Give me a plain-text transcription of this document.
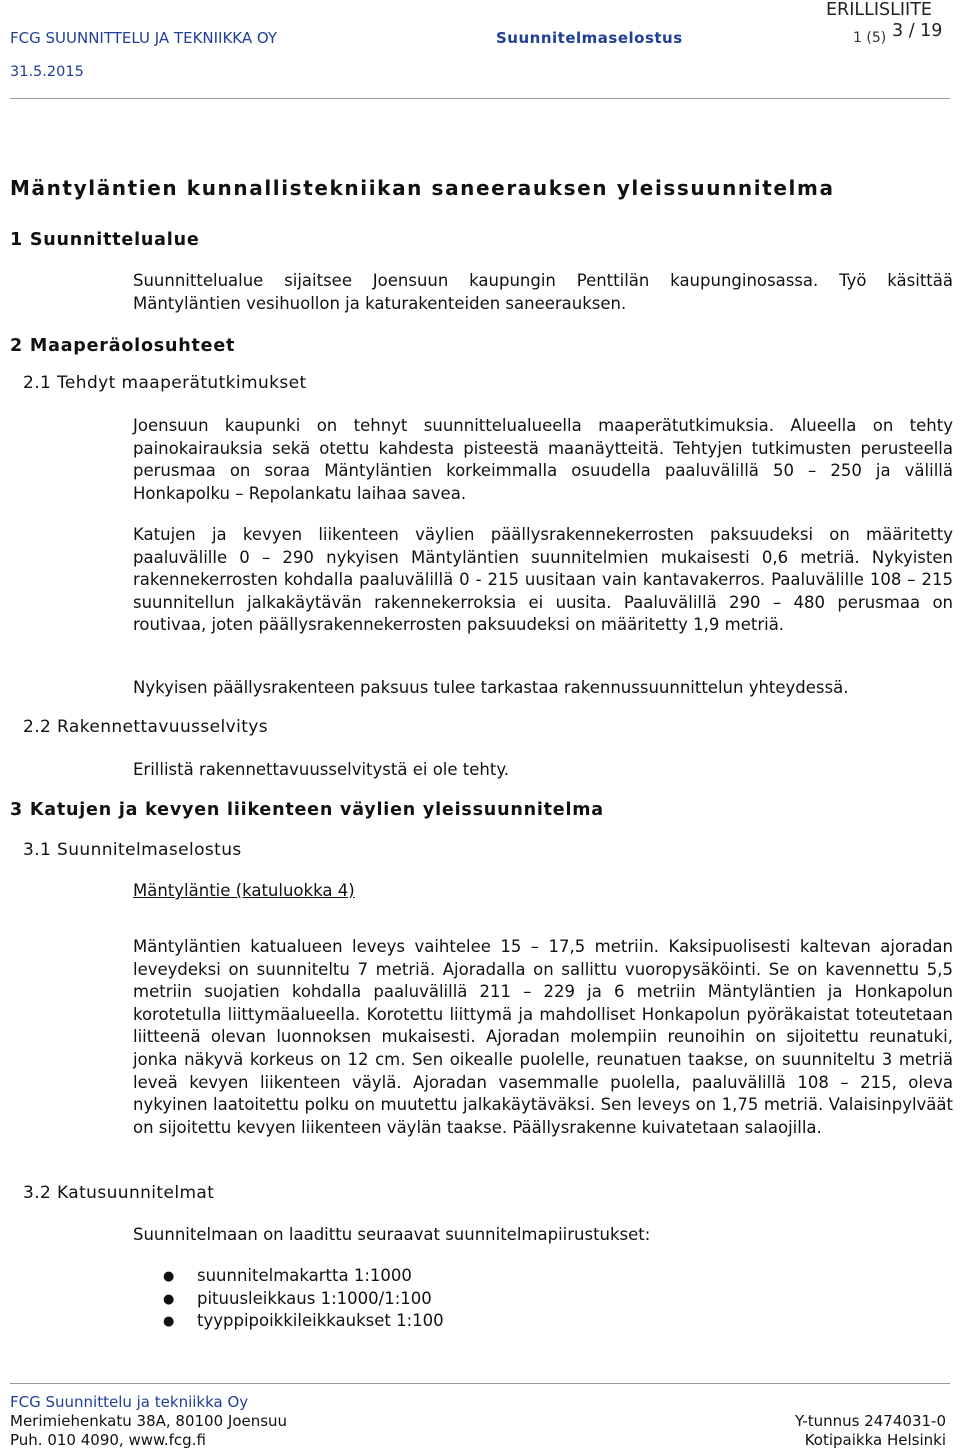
FCG SUUNNITTELU JA TEKNIIKKA OY	Suunnitelmaselostus	1 (5)
ERILLISLIITE
3 / 19
31.5.2015
Mäntyläntien kunnallistekniikan saneerauksen yleissuunnitelma
1 Suunnittelualue

Suunnittelualue sijaitsee Joensuun kaupungin Penttilän kaupunginosassa. Työ käsittää Mäntyläntien vesihuollon ja katurakenteiden saneerauksen.

2 Maaperäolosuhteet
2.1 Tehdyt maaperätutkimukset

Joensuun kaupunki on tehnyt suunnittelualueella maaperätutkimuksia. Alueella on tehty painokairauksia sekä otettu kahdesta pisteestä maanäytteitä. Tehtyjen tutkimusten perusteella perusmaa on soraa Mäntyläntien korkeimmalla osuudella paaluvälillä 50 – 250 ja välillä Honkapolku – Repolankatu laihaa savea.

Katujen ja kevyen liikenteen väylien päällysrakennekerrosten paksuudeksi on määritetty paaluvälille 0 – 290 nykyisen Mäntyläntien suunnitelmien mukaisesti 0,6 metriä. Nykyisten rakennekerrosten kohdalla paaluvälillä 0 - 215 uusitaan vain kantavakerros. Paaluvälille 108 – 215 suunnitellun jalkakäytävän rakennekerroksia ei uusita. Paaluvälillä 290 – 480 perusmaa on routivaa, joten päällysrakennekerrosten paksuudeksi on määritetty 1,9 metriä.

Nykyisen päällysrakenteen paksuus tulee tarkastaa rakennussuunnittelun yhteydessä.

2.2 Rakennettavuusselvitys

Erillistä rakennettavuusselvitystä ei ole tehty.

3 Katujen ja kevyen liikenteen väylien yleissuunnitelma
3.1 Suunnitelmaselostus
Mäntyläntie (katuluokka 4)

Mäntyläntien katualueen leveys vaihtelee 15 – 17,5 metriin. Kaksipuolisesti kaltevan ajoradan leveydeksi on suunniteltu 7 metriä. Ajoradalla on sallittu vuoropysäköinti. Se on kavennettu 5,5 metriin suojatien kohdalla paaluvälillä 211 – 229 ja 6 metriin Mäntyläntien ja Honkapolun korotetulla liittymäalueella. Korotettu liittymä ja mahdolliset Honkapolun pyöräkaistat toteutetaan liitteenä olevan luonnoksen mukaisesti. Ajoradan molempiin reunoihin on sijoitettu reunatuki, jonka näkyvä korkeus on 12 cm. Sen oikealle puolelle, reunatuen taakse, on suunniteltu 3 metriä leveä kevyen liikenteen väylä. Ajoradan vasemmalle puolella, paaluvälillä 108 – 215, oleva nykyinen laatoitettu polku on muutettu jalkakäytäväksi. Sen leveys on 1,75 metriä. Valaisinpylväät on sijoitettu kevyen liikenteen väylän taakse. Päällysrakenne kuivatetaan salaojilla.

3.2 Katusuunnitelmat

Suunnitelmaan on laadittu seuraavat suunnitelmapiirustukset:

● suunnitelmakartta 1:1000
● pituusleikkaus 1:1000/1:100
● tyyppipoikkileikkaukset 1:100
FCG Suunnittelu ja tekniikka Oy
Merimiehenkatu 38A, 80100 Joensuu
Puh. 010 4090, www.fcg.fi
Y-tunnus 2474031-0
Kotipaikka Helsinki
